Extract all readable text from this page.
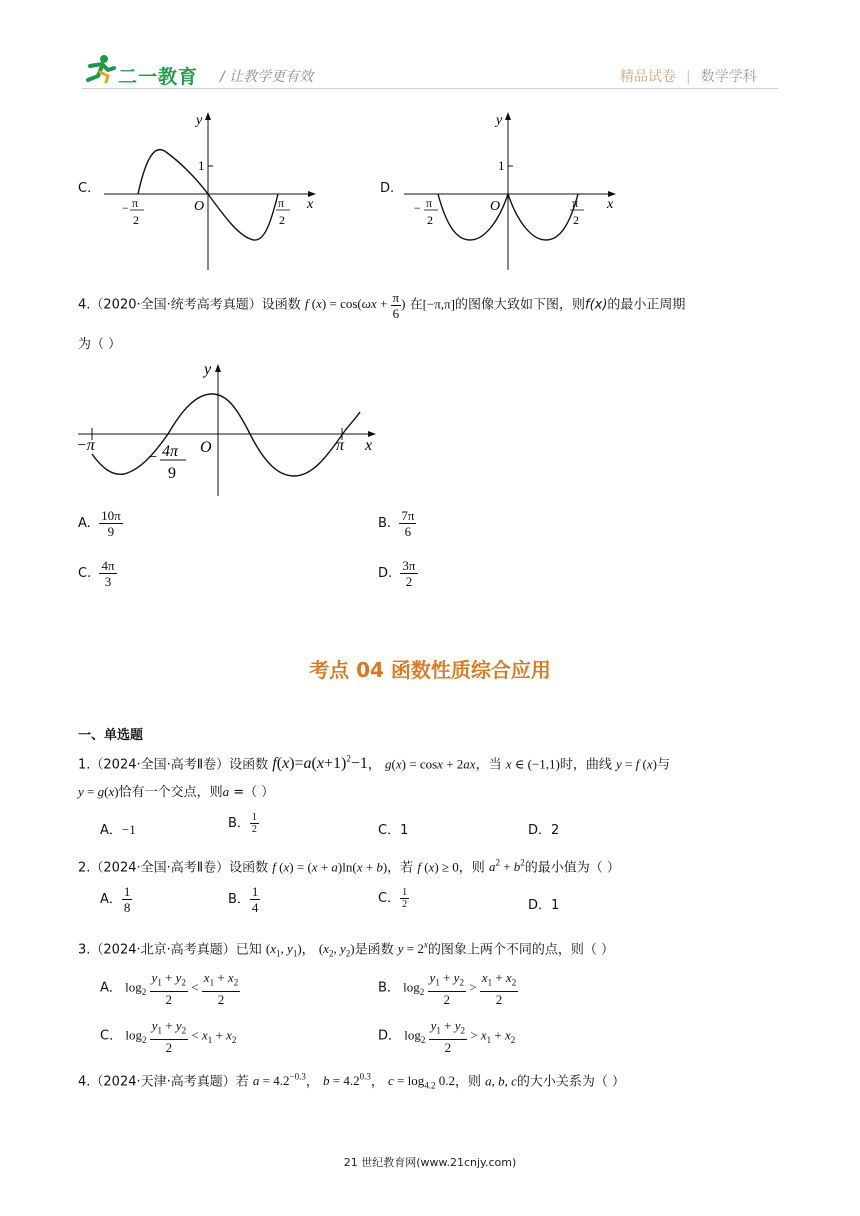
二一教育 / 让教学更有效	精品试卷 | 数学学科
C.
y
x
O
1
− π
2
π
2
D.
y
x
O
1
− π
2
π
2
4.（2020·全国·统考高考真题）设函数 f $(x) = \cos(\omega x + \frac{\pi}{6}$ ) 在[−π,π]的图像大致如下图，则f(x)的最小正周期
为（ ）
y
x
−π	π
O
− 4π
9
A. $\frac{10\pi}{9}$	B. $\frac{7\pi}{6}$
C. $\frac{4\pi}{3}$	D. $\frac{3\pi}{2}$
考点 04 函数性质综合应用
一、单选题
1.（2024·全国·高考Ⅱ卷）设函数 $f(x)=a(x+1)^2-1$， g(x) = cosx + 2ax，当 x ∈ (−1,1)时，曲线 y = f (x)与
y = g(x)恰有一个交点，则a =（ ）
A．−1	B． $\frac{1}{2}$	C．1	D．2
2.（2024·全国·高考Ⅱ卷）设函数 f (x) = (x + a)ln(x + b)，若 f (x) ≥ 0，则 $a^2 + b^2$的最小值为（ ）
A． $\frac{1}{8}$	B． $\frac{1}{4}$	C． $\frac{1}{2}$	D．1
3.（2024·北京·高考真题）已知 ($x_1$, $y_1$)， ($x_2$, $y_2$)是函数 $y = 2^x$的图象上两个不同的点，则（ ）
A． $\log_2 \frac{y_1 + y_2}{2} < \frac{x_1 + x_2}{2}$	B． $\log_2 \frac{y_1 + y_2}{2} > \frac{x_1 + x_2}{2}$
C． $\log_2 \frac{y_1 + y_2}{2} < x_1 + x_2$	D． $\log_2 \frac{y_1 + y_2}{2} > x_1 + x_2$
4.（2024·天津·高考真题）若 $a = 4.2^{-0.3}$， $b = 4.2^{0.3}$， $c = \log_{4.2} 0.2$，则 a, b, c的大小关系为（ ）
21 世纪教育网(www.21cnjy.com)
